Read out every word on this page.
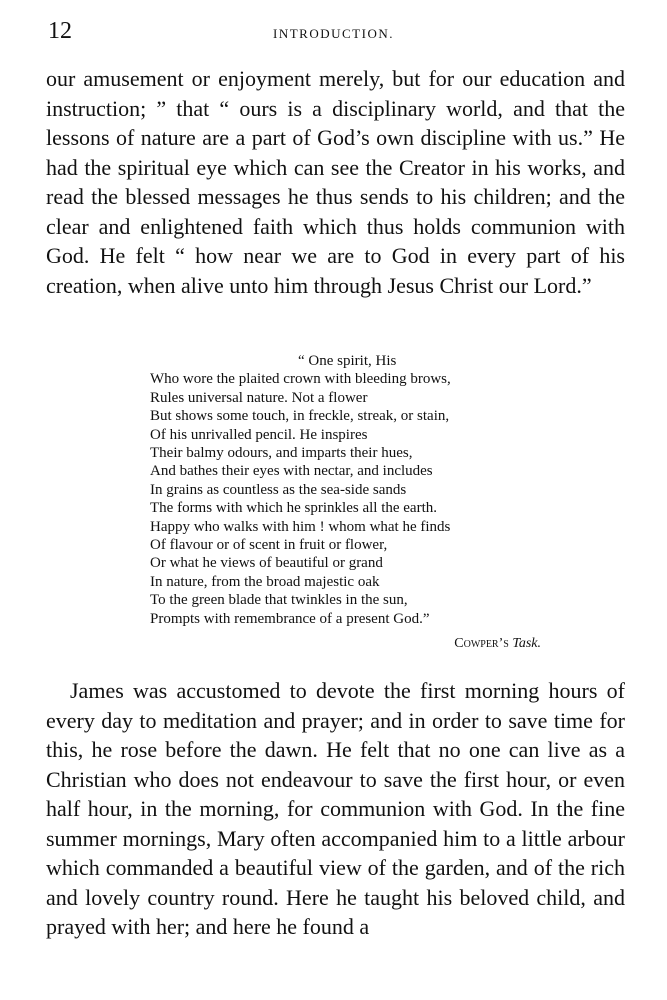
12	INTRODUCTION.

our amusement or enjoyment merely, but for our education and instruction; ” that “ ours is a disciplinary world, and that the lessons of nature are a part of God’s own discipline with us.” He had the spiritual eye which can see the Creator in his works, and read the blessed messages he thus sends to his children; and the clear and enlightened faith which thus holds communion with God. He felt “ how near we are to God in every part of his creation, when alive unto him through Jesus Christ our Lord.”

“ One spirit, His
Who wore the plaited crown with bleeding brows,
Rules universal nature. Not a flower
But shows some touch, in freckle, streak, or stain,
Of his unrivalled pencil. He inspires
Their balmy odours, and imparts their hues,
And bathes their eyes with nectar, and includes
In grains as countless as the sea-side sands
The forms with which he sprinkles all the earth.
Happy who walks with him ! whom what he finds
Of flavour or of scent in fruit or flower,
Or what he views of beautiful or grand
In nature, from the broad majestic oak
To the green blade that twinkles in the sun,
Prompts with remembrance of a present God.”
Cowper’s Task.

James was accustomed to devote the first morning hours of every day to meditation and prayer; and in order to save time for this, he rose before the dawn. He felt that no one can live as a Christian who does not endeavour to save the first hour, or even half hour, in the morning, for communion with God. In the fine summer mornings, Mary often accompanied him to a little arbour which commanded a beautiful view of the garden, and of the rich and lovely country round. Here he taught his beloved child, and prayed with her; and here he found a
